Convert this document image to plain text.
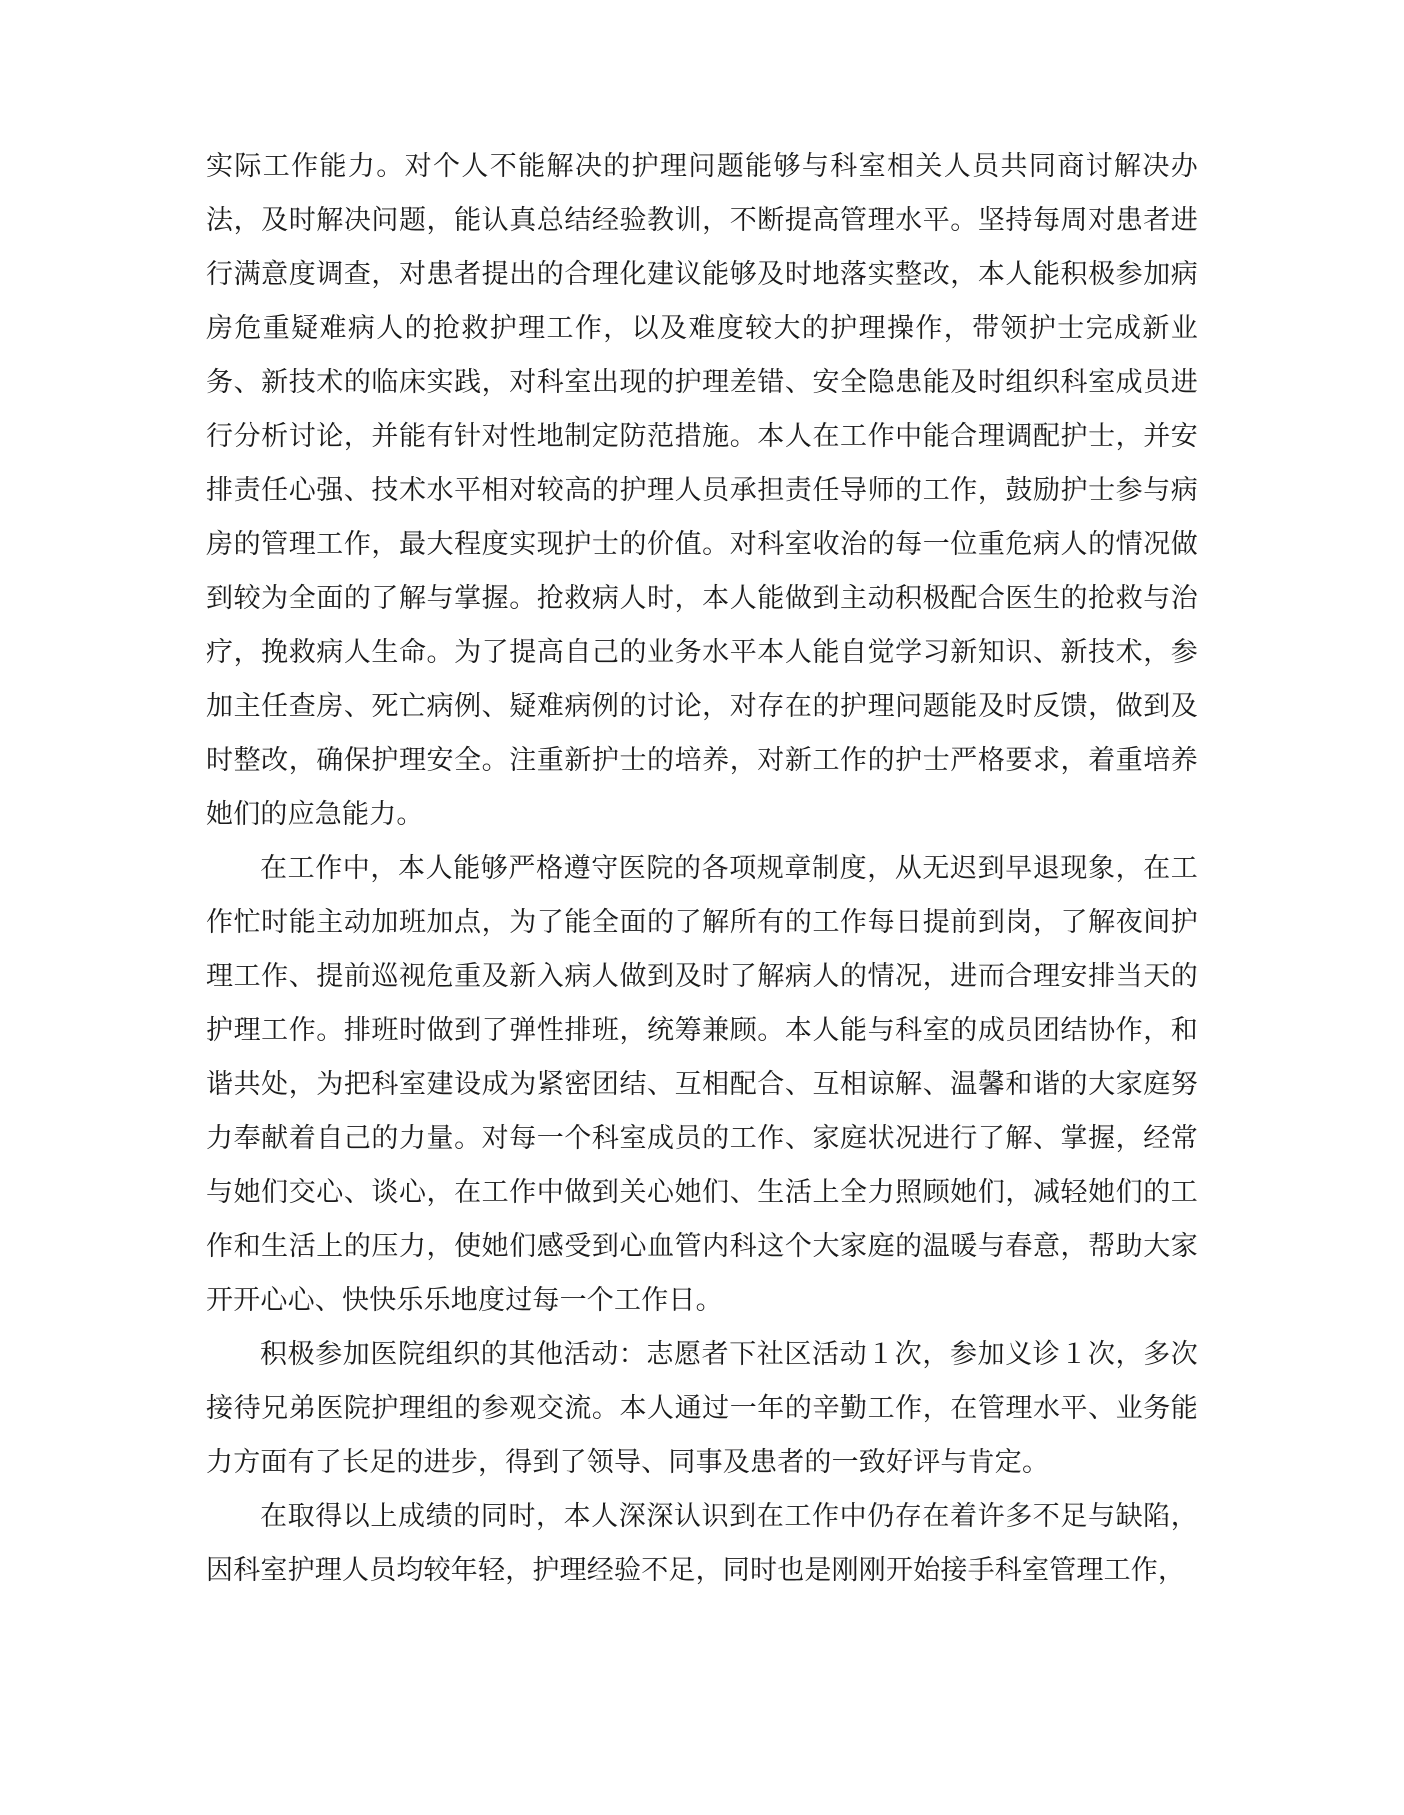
实际工作能力。对个人不能解决的护理问题能够与科室相关人员共同商讨解决办法，及时解决问题，能认真总结经验教训，不断提高管理水平。坚持每周对患者进行满意度调查，对患者提出的合理化建议能够及时地落实整改，本人能积极参加病房危重疑难病人的抢救护理工作，以及难度较大的护理操作，带领护士完成新业务、新技术的临床实践，对科室出现的护理差错、安全隐患能及时组织科室成员进行分析讨论，并能有针对性地制定防范措施。本人在工作中能合理调配护士，并安排责任心强、技术水平相对较高的护理人员承担责任导师的工作，鼓励护士参与病房的管理工作，最大程度实现护士的价值。对科室收治的每一位重危病人的情况做到较为全面的了解与掌握。抢救病人时，本人能做到主动积极配合医生的抢救与治疗，挽救病人生命。为了提高自己的业务水平本人能自觉学习新知识、新技术，参加主任查房、死亡病例、疑难病例的讨论，对存在的护理问题能及时反馈，做到及时整改，确保护理安全。注重新护士的培养，对新工作的护士严格要求，着重培养她们的应急能力。

在工作中，本人能够严格遵守医院的各项规章制度，从无迟到早退现象，在工作忙时能主动加班加点，为了能全面的了解所有的工作每日提前到岗，了解夜间护理工作、提前巡视危重及新入病人做到及时了解病人的情况，进而合理安排当天的护理工作。排班时做到了弹性排班，统筹兼顾。本人能与科室的成员团结协作，和谐共处，为把科室建设成为紧密团结、互相配合、互相谅解、温馨和谐的大家庭努力奉献着自己的力量。对每一个科室成员的工作、家庭状况进行了解、掌握，经常与她们交心、谈心，在工作中做到关心她们、生活上全力照顾她们，减轻她们的工作和生活上的压力，使她们感受到心血管内科这个大家庭的温暖与春意，帮助大家开开心心、快快乐乐地度过每一个工作日。

积极参加医院组织的其他活动：志愿者下社区活动１次，参加义诊１次，多次接待兄弟医院护理组的参观交流。本人通过一年的辛勤工作，在管理水平、业务能力方面有了长足的进步，得到了领导、同事及患者的一致好评与肯定。

在取得以上成绩的同时，本人深深认识到在工作中仍存在着许多不足与缺陷，因科室护理人员均较年轻，护理经验不足，同时也是刚刚开始接手科室管理工作，
